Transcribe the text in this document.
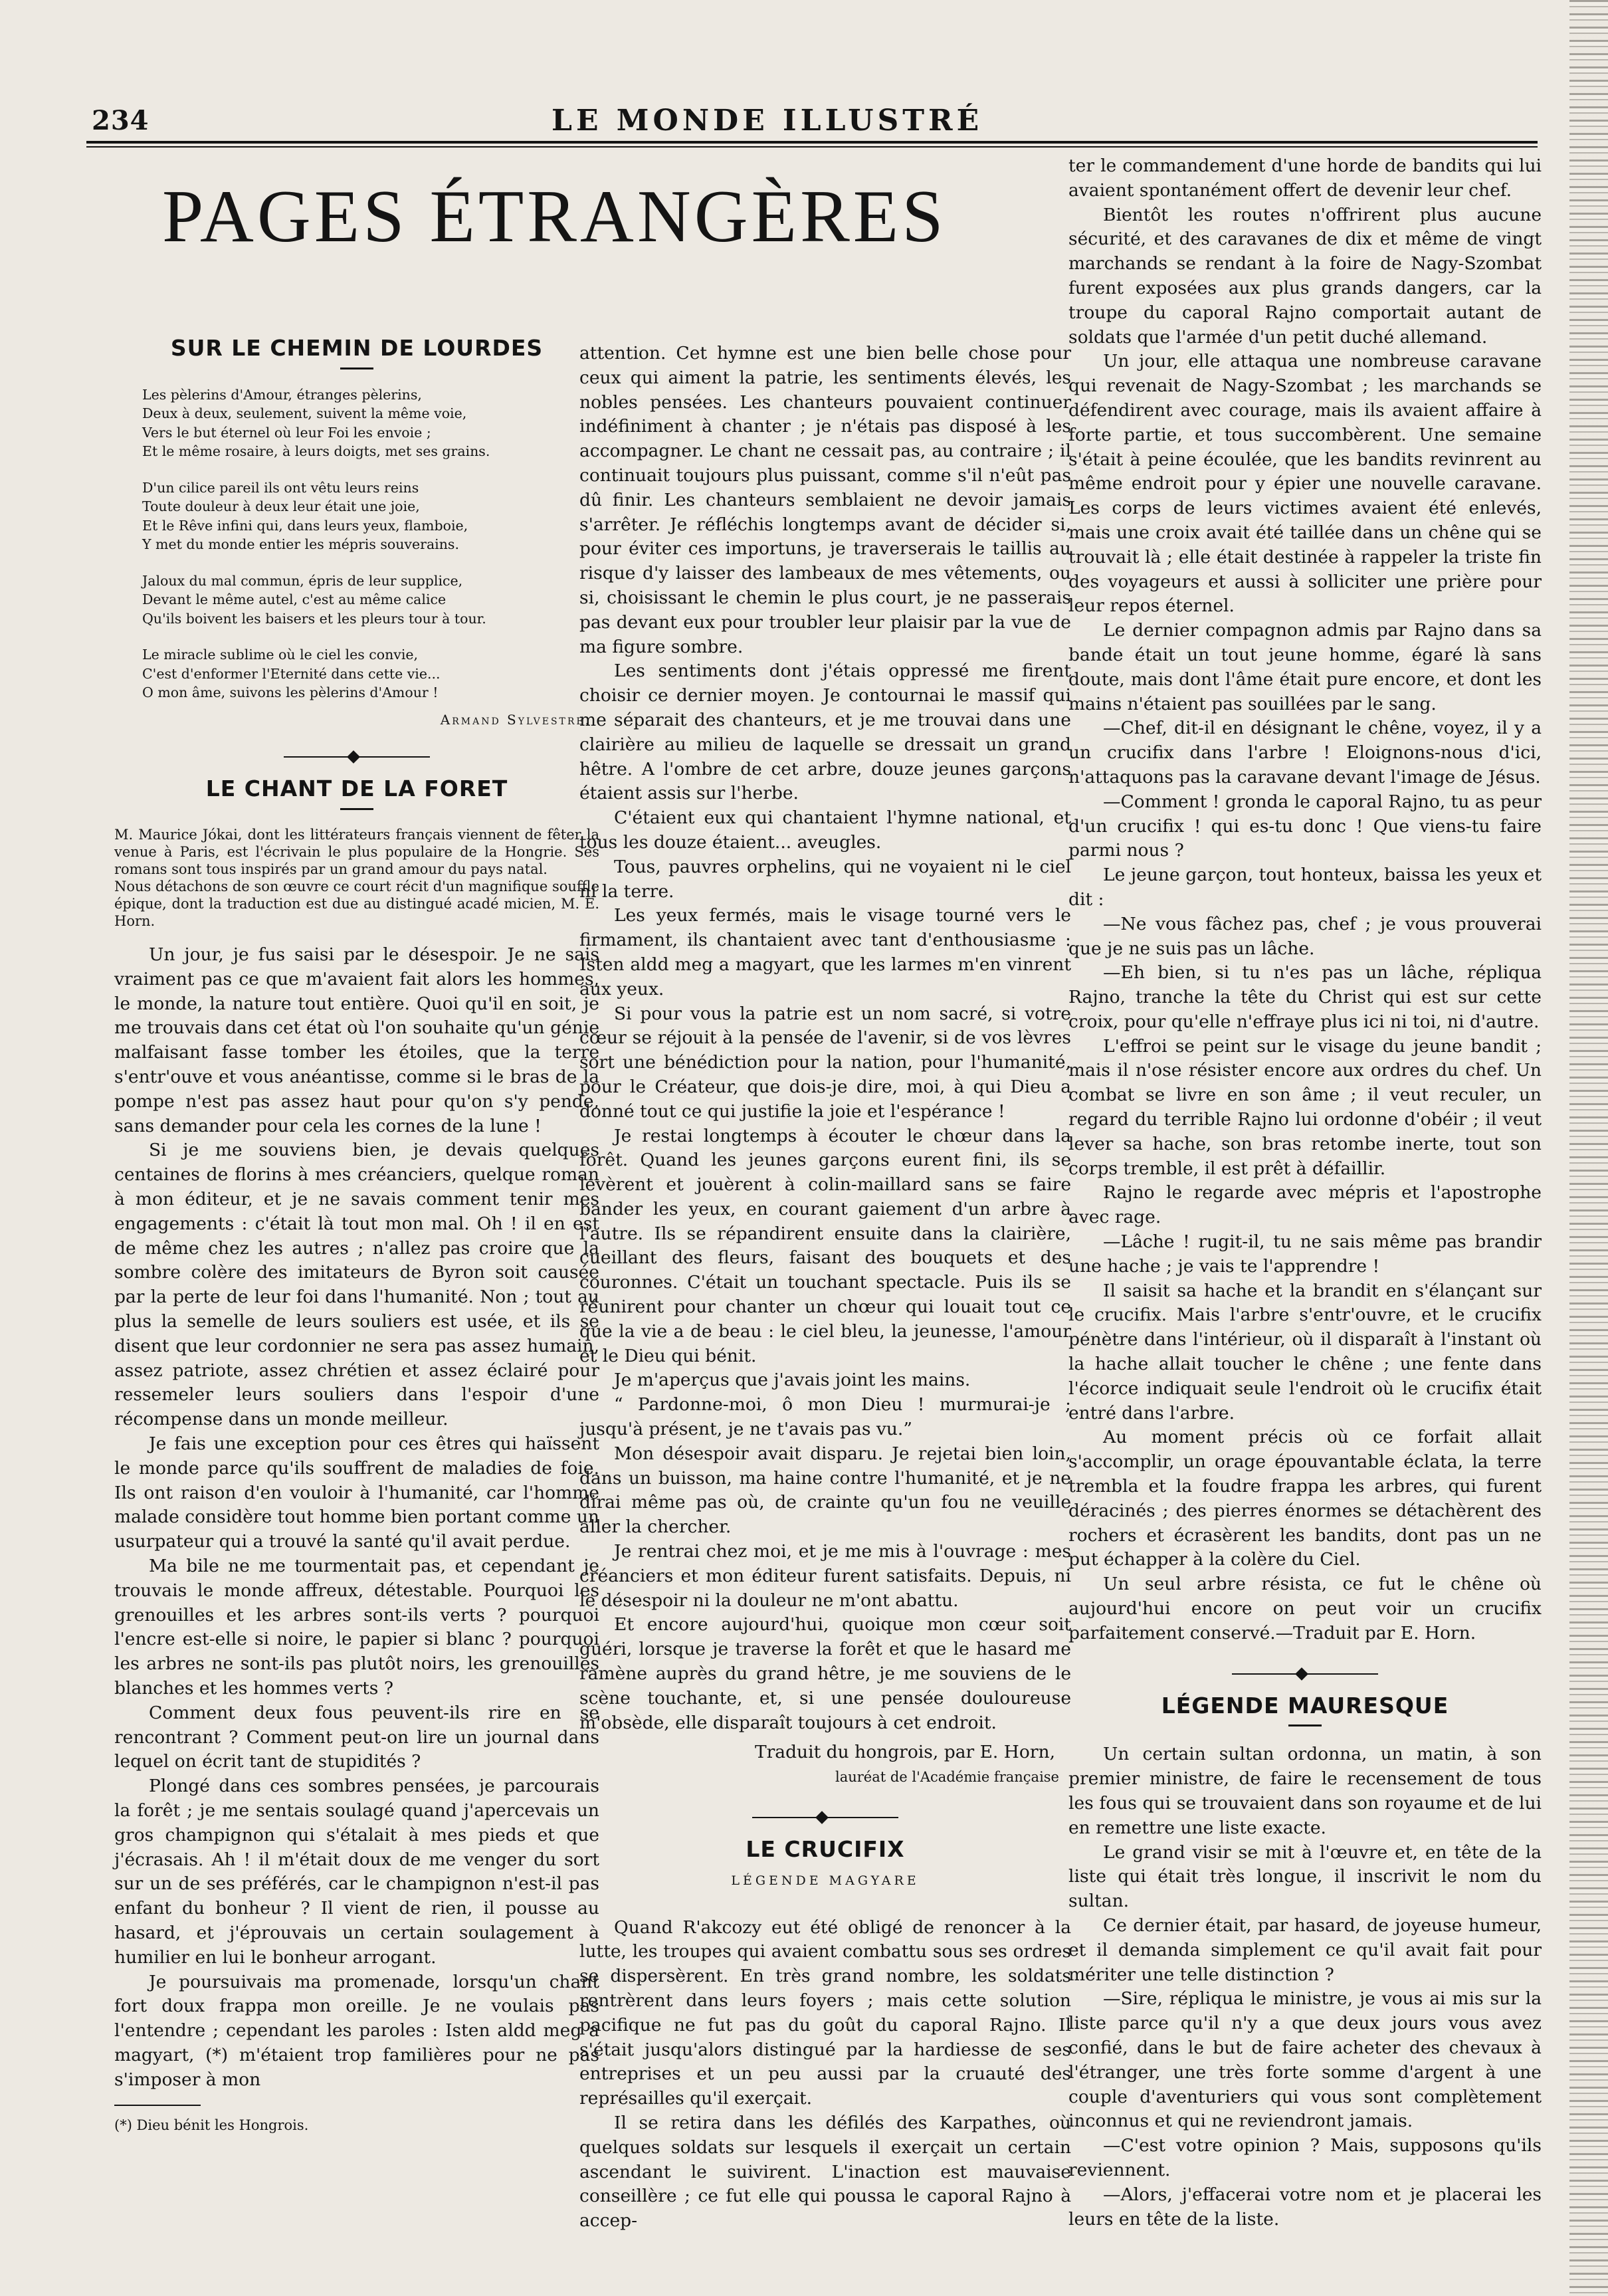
234	LE MONDE ILLUSTRÉ
PAGES ÉTRANGÈRES
SUR LE CHEMIN DE LOURDES
Les pèlerins d'Amour, étranges pèlerins,
Deux à deux, seulement, suivent la même voie,
Vers le but éternel où leur Foi les envoie ;
Et le même rosaire, à leurs doigts, met ses grains.
D'un cilice pareil ils ont vêtu leurs reins
Toute douleur à deux leur était une joie,
Et le Rêve infini qui, dans leurs yeux, flamboie,
Y met du monde entier les mépris souverains.
Jaloux du mal commun, épris de leur supplice,
Devant le même autel, c'est au même calice
Qu'ils boivent les baisers et les pleurs tour à tour.
Le miracle sublime où le ciel les convie,
C'est d'enformer l'Eternité dans cette vie...
O mon âme, suivons les pèlerins d'Amour !
Armand Sylvestre.
LE CHANT DE LA FORET

M. Maurice Jókai, dont les littérateurs français viennent de fêter la venue à Paris, est l'écrivain le plus populaire de la Hongrie. Ses romans sont tous inspirés par un grand amour du pays natal.

Nous détachons de son œuvre ce court récit d'un magnifique souffle épique, dont la traduction est due au distingué acadé micien, M. E. Horn.

Un jour, je fus saisi par le désespoir. Je ne sais vraiment pas ce que m'avaient fait alors les hommes, le monde, la nature tout entière. Quoi qu'il en soit, je me trouvais dans cet état où l'on souhaite qu'un génie malfaisant fasse tomber les étoiles, que la terre s'entr'ouve et vous anéantisse, comme si le bras de la pompe n'est pas assez haut pour qu'on s'y pende, sans demander pour cela les cornes de la lune !

Si je me souviens bien, je devais quelques centaines de florins à mes créanciers, quelque roman à mon éditeur, et je ne savais comment tenir mes engagements : c'était là tout mon mal. Oh ! il en est de même chez les autres ; n'allez pas croire que la sombre colère des imitateurs de Byron soit causée par la perte de leur foi dans l'humanité. Non ; tout au plus la semelle de leurs souliers est usée, et ils se disent que leur cordonnier ne sera pas assez humain, assez patriote, assez chrétien et assez éclairé pour ressemeler leurs souliers dans l'espoir d'une récompense dans un monde meilleur.

Je fais une exception pour ces êtres qui haïssent le monde parce qu'ils souffrent de maladies de foie. Ils ont raison d'en vouloir à l'humanité, car l'homme malade considère tout homme bien portant comme un usurpateur qui a trouvé la santé qu'il avait perdue.

Ma bile ne me tourmentait pas, et cependant je trouvais le monde affreux, détestable. Pourquoi les grenouilles et les arbres sont-ils verts ? pourquoi l'encre est-elle si noire, le papier si blanc ? pourquoi les arbres ne sont-ils pas plutôt noirs, les grenouilles blanches et les hommes verts ?

Comment deux fous peuvent-ils rire en se rencontrant ? Comment peut-on lire un journal dans lequel on écrit tant de stupidités ?

Plongé dans ces sombres pensées, je parcourais la forêt ; je me sentais soulagé quand j'apercevais un gros champignon qui s'étalait à mes pieds et que j'écrasais. Ah ! il m'était doux de me venger du sort sur un de ses préférés, car le champignon n'est-il pas enfant du bonheur ? Il vient de rien, il pousse au hasard, et j'éprouvais un certain soulagement à humilier en lui le bonheur arrogant.

Je poursuivais ma promenade, lorsqu'un chant fort doux frappa mon oreille. Je ne voulais pas l'entendre ; cependant les paroles : Isten aldd meg a magyart, (*) m'étaient trop familières pour ne pas s'imposer à mon

(*) Dieu bénit les Hongrois.

attention. Cet hymne est une bien belle chose pour ceux qui aiment la patrie, les sentiments élevés, les nobles pensées. Les chanteurs pouvaient continuer indéfiniment à chanter ; je n'étais pas disposé à les accompagner. Le chant ne cessait pas, au contraire ; il continuait toujours plus puissant, comme s'il n'eût pas dû finir. Les chanteurs semblaient ne devoir jamais s'arrêter. Je réfléchis longtemps avant de décider si, pour éviter ces importuns, je traverserais le taillis au risque d'y laisser des lambeaux de mes vêtements, ou si, choisissant le chemin le plus court, je ne passerais pas devant eux pour troubler leur plaisir par la vue de ma figure sombre.

Les sentiments dont j'étais oppressé me firent choisir ce dernier moyen. Je contournai le massif qui me séparait des chanteurs, et je me trouvai dans une clairière au milieu de laquelle se dressait un grand hêtre. A l'ombre de cet arbre, douze jeunes garçons étaient assis sur l'herbe.

C'étaient eux qui chantaient l'hymne national, et tous les douze étaient... aveugles.

Tous, pauvres orphelins, qui ne voyaient ni le ciel ni la terre.

Les yeux fermés, mais le visage tourné vers le firmament, ils chantaient avec tant d'enthousiasme : Isten aldd meg a magyart, que les larmes m'en vinrent aux yeux.

Si pour vous la patrie est un nom sacré, si votre cœur se réjouit à la pensée de l'avenir, si de vos lèvres sort une bénédiction pour la nation, pour l'humanité, pour le Créateur, que dois-je dire, moi, à qui Dieu a donné tout ce qui justifie la joie et l'espérance !

Je restai longtemps à écouter le chœur dans la forêt. Quand les jeunes garçons eurent fini, ils se levèrent et jouèrent à colin-maillard sans se faire bander les yeux, en courant gaiement d'un arbre à l'autre. Ils se répandirent ensuite dans la clairière, cueillant des fleurs, faisant des bouquets et des couronnes. C'était un touchant spectacle. Puis ils se réunirent pour chanter un chœur qui louait tout ce que la vie a de beau : le ciel bleu, la jeunesse, l'amour et le Dieu qui bénit.

Je m'aperçus que j'avais joint les mains.

“ Pardonne-moi, ô mon Dieu ! murmurai-je ; jusqu'à présent, je ne t'avais pas vu.”

Mon désespoir avait disparu. Je rejetai bien loin, dans un buisson, ma haine contre l'humanité, et je ne dirai même pas où, de crainte qu'un fou ne veuille aller la chercher.

Je rentrai chez moi, et je me mis à l'ouvrage : mes créanciers et mon éditeur furent satisfaits. Depuis, ni le désespoir ni la douleur ne m'ont abattu.

Et encore aujourd'hui, quoique mon cœur soit guéri, lorsque je traverse la forêt et que le hasard me ramène auprès du grand hêtre, je me souviens de le scène touchante, et, si une pensée douloureuse m'obsède, elle disparaît toujours à cet endroit.

Traduit du hongrois, par E. Horn,
lauréat de l'Académie française
LE CRUCIFIX
LÉGENDE MAGYARE

Quand R'akcozy eut été obligé de renoncer à la lutte, les troupes qui avaient combattu sous ses ordres se dispersèrent. En très grand nombre, les soldats rentrèrent dans leurs foyers ; mais cette solution pacifique ne fut pas du goût du caporal Rajno. Il s'était jusqu'alors distingué par la hardiesse de ses entreprises et un peu aussi par la cruauté des représailles qu'il exerçait.

Il se retira dans les défilés des Karpathes, où quelques soldats sur lesquels il exerçait un certain ascendant le suivirent. L'inaction est mauvaise conseillère ; ce fut elle qui poussa le caporal Rajno à accep-

ter le commandement d'une horde de bandits qui lui avaient spontanément offert de devenir leur chef.

Bientôt les routes n'offrirent plus aucune sécurité, et des caravanes de dix et même de vingt marchands se rendant à la foire de Nagy-Szombat furent exposées aux plus grands dangers, car la troupe du caporal Rajno comportait autant de soldats que l'armée d'un petit duché allemand.

Un jour, elle attaqua une nombreuse caravane qui revenait de Nagy-Szombat ; les marchands se défendirent avec courage, mais ils avaient affaire à forte partie, et tous succombèrent. Une semaine s'était à peine écoulée, que les bandits revinrent au même endroit pour y épier une nouvelle caravane. Les corps de leurs victimes avaient été enlevés, mais une croix avait été taillée dans un chêne qui se trouvait là ; elle était destinée à rappeler la triste fin des voyageurs et aussi à solliciter une prière pour leur repos éternel.

Le dernier compagnon admis par Rajno dans sa bande était un tout jeune homme, égaré là sans doute, mais dont l'âme était pure encore, et dont les mains n'étaient pas souillées par le sang.

—Chef, dit-il en désignant le chêne, voyez, il y a un crucifix dans l'arbre ! Eloignons-nous d'ici, n'attaquons pas la caravane devant l'image de Jésus.

—Comment ! gronda le caporal Rajno, tu as peur d'un crucifix ! qui es-tu donc ! Que viens-tu faire parmi nous ?

Le jeune garçon, tout honteux, baissa les yeux et dit :

—Ne vous fâchez pas, chef ; je vous prouverai que je ne suis pas un lâche.

—Eh bien, si tu n'es pas un lâche, répliqua Rajno, tranche la tête du Christ qui est sur cette croix, pour qu'elle n'effraye plus ici ni toi, ni d'autre.

L'effroi se peint sur le visage du jeune bandit ; mais il n'ose résister encore aux ordres du chef. Un combat se livre en son âme ; il veut reculer, un regard du terrible Rajno lui ordonne d'obéir ; il veut lever sa hache, son bras retombe inerte, tout son corps tremble, il est prêt à défaillir.

Rajno le regarde avec mépris et l'apostrophe avec rage.

—Lâche ! rugit-il, tu ne sais même pas brandir une hache ; je vais te l'apprendre !

Il saisit sa hache et la brandit en s'élançant sur le crucifix. Mais l'arbre s'entr'ouvre, et le crucifix pénètre dans l'intérieur, où il disparaît à l'instant où la hache allait toucher le chêne ; une fente dans l'écorce indiquait seule l'endroit où le crucifix était entré dans l'arbre.

Au moment précis où ce forfait allait s'accomplir, un orage épouvantable éclata, la terre trembla et la foudre frappa les arbres, qui furent déracinés ; des pierres énormes se détachèrent des rochers et écrasèrent les bandits, dont pas un ne put échapper à la colère du Ciel.

Un seul arbre résista, ce fut le chêne où aujourd'hui encore on peut voir un crucifix parfaitement conservé.—Traduit par E. Horn.

LÉGENDE MAURESQUE

Un certain sultan ordonna, un matin, à son premier ministre, de faire le recensement de tous les fous qui se trouvaient dans son royaume et de lui en remettre une liste exacte.

Le grand visir se mit à l'œuvre et, en tête de la liste qui était très longue, il inscrivit le nom du sultan.

Ce dernier était, par hasard, de joyeuse humeur, et il demanda simplement ce qu'il avait fait pour mériter une telle distinction ?

—Sire, répliqua le ministre, je vous ai mis sur la liste parce qu'il n'y a que deux jours vous avez confié, dans le but de faire acheter des chevaux à l'étranger, une très forte somme d'argent à une couple d'aventuriers qui vous sont complètement inconnus et qui ne reviendront jamais.

—C'est votre opinion ? Mais, supposons qu'ils reviennent.

—Alors, j'effacerai votre nom et je placerai les leurs en tête de la liste.
